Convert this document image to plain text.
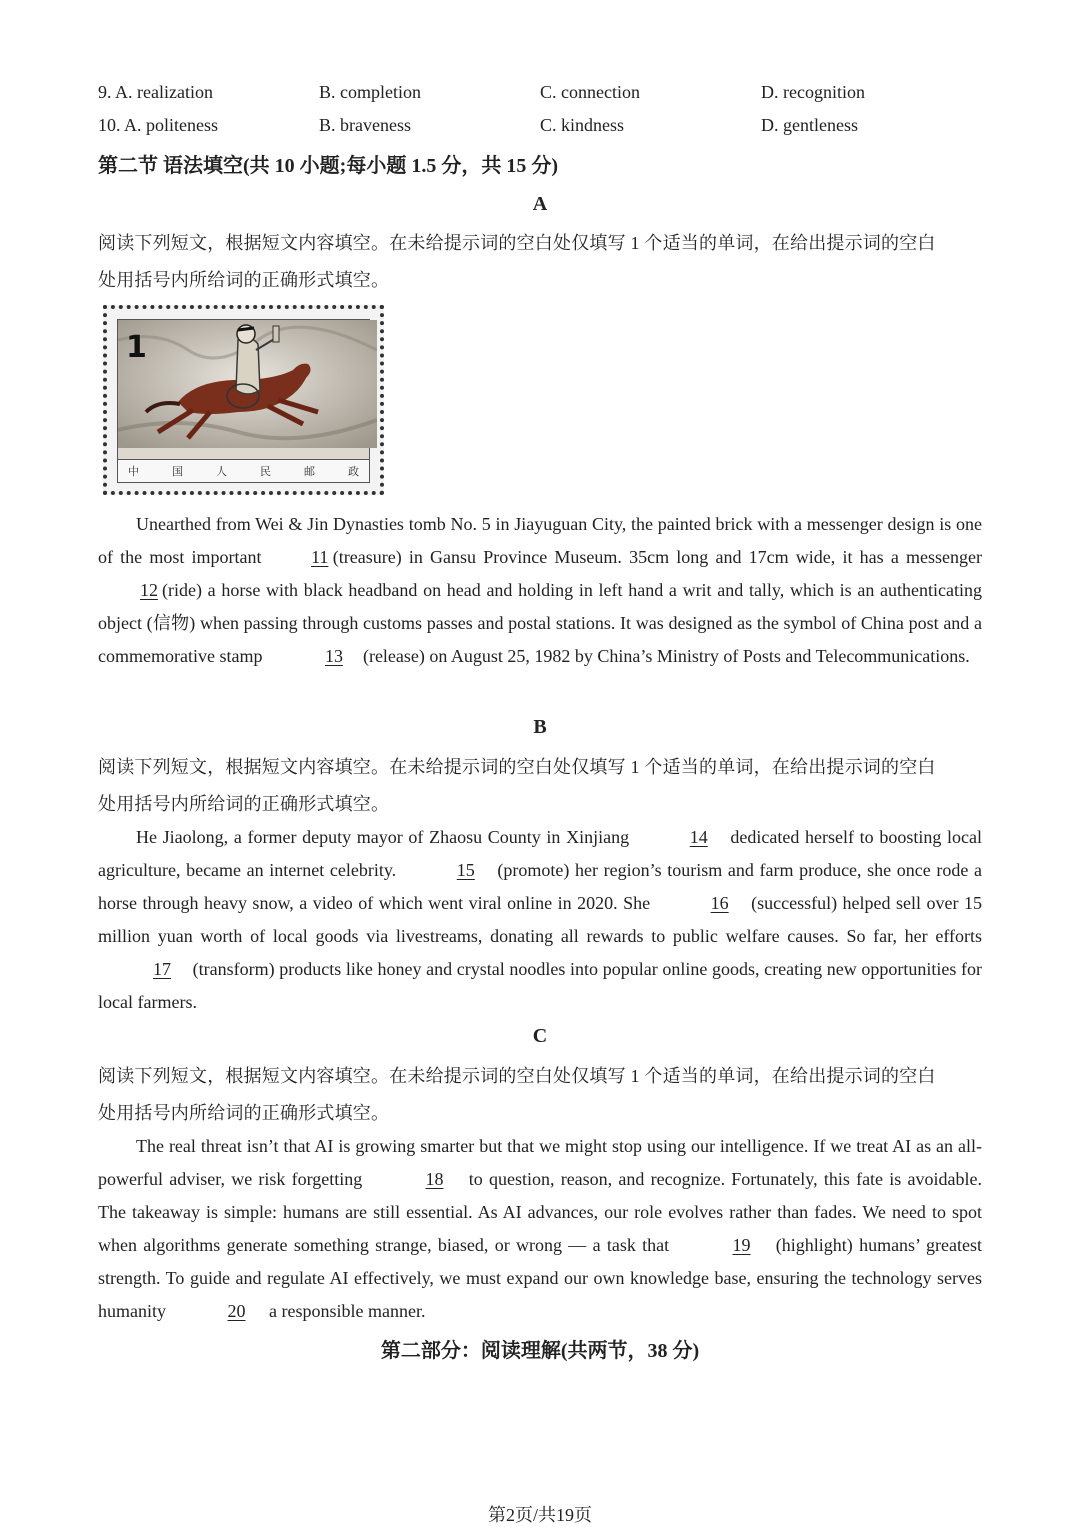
9. A. realization	B. completion	C. connection	D. recognition
10. A. politeness	B. braveness	C. kindness	D. gentleness
第二节 语法填空(共 10 小题;每小题 1.5 分，共 15 分)
A
阅读下列短文，根据短文内容填空。在未给提示词的空白处仅填写 1 个适当的单词，在给出提示词的空白
处用括号内所给词的正确形式填空。
1
中	国	人	民	邮	政

Unearthed from Wei & Jin Dynasties tomb No. 5 in Jiayuguan City, the painted brick with a messenger design is one of the most important 11 (treasure) in Gansu Province Museum. 35cm long and 17cm wide, it has a messenger 12 (ride) a horse with black headband on head and holding in left hand a writ and tally, which is an authenticating object (信物) when passing through customs passes and postal stations. It was designed as the symbol of China post and a commemorative stamp	13 (release) on August 25, 1982 by China’s Ministry of Posts and Telecommunications.

B
阅读下列短文，根据短文内容填空。在未给提示词的空白处仅填写 1 个适当的单词，在给出提示词的空白
处用括号内所给词的正确形式填空。

He Jiaolong, a former deputy mayor of Zhaosu County in Xinjiang	14 dedicated herself to boosting local agriculture, became an internet celebrity.	15 (promote) her region’s tourism and farm produce, she once rode a horse through heavy snow, a video of which went viral online in 2020. She	16 (successful) helped sell over 15 million yuan worth of local goods via livestreams, donating all rewards to public welfare causes. So far, her efforts 17 (transform) products like honey and crystal noodles into popular online goods, creating new opportunities for local farmers.

C
阅读下列短文，根据短文内容填空。在未给提示词的空白处仅填写 1 个适当的单词，在给出提示词的空白
处用括号内所给词的正确形式填空。

The real threat isn’t that AI is growing smarter but that we might stop using our intelligence. If we treat AI as an all-powerful adviser, we risk forgetting	18 to question, reason, and recognize. Fortunately, this fate is avoidable. The takeaway is simple: humans are still essential. As AI advances, our role evolves rather than fades. We need to spot when algorithms generate something strange, biased, or wrong — a task that	19 (highlight) humans’ greatest strength. To guide and regulate AI effectively, we must expand our own knowledge base, ensuring the technology serves humanity	20 a responsible manner.

第二部分：阅读理解(共两节，38 分)
第2页/共19页
